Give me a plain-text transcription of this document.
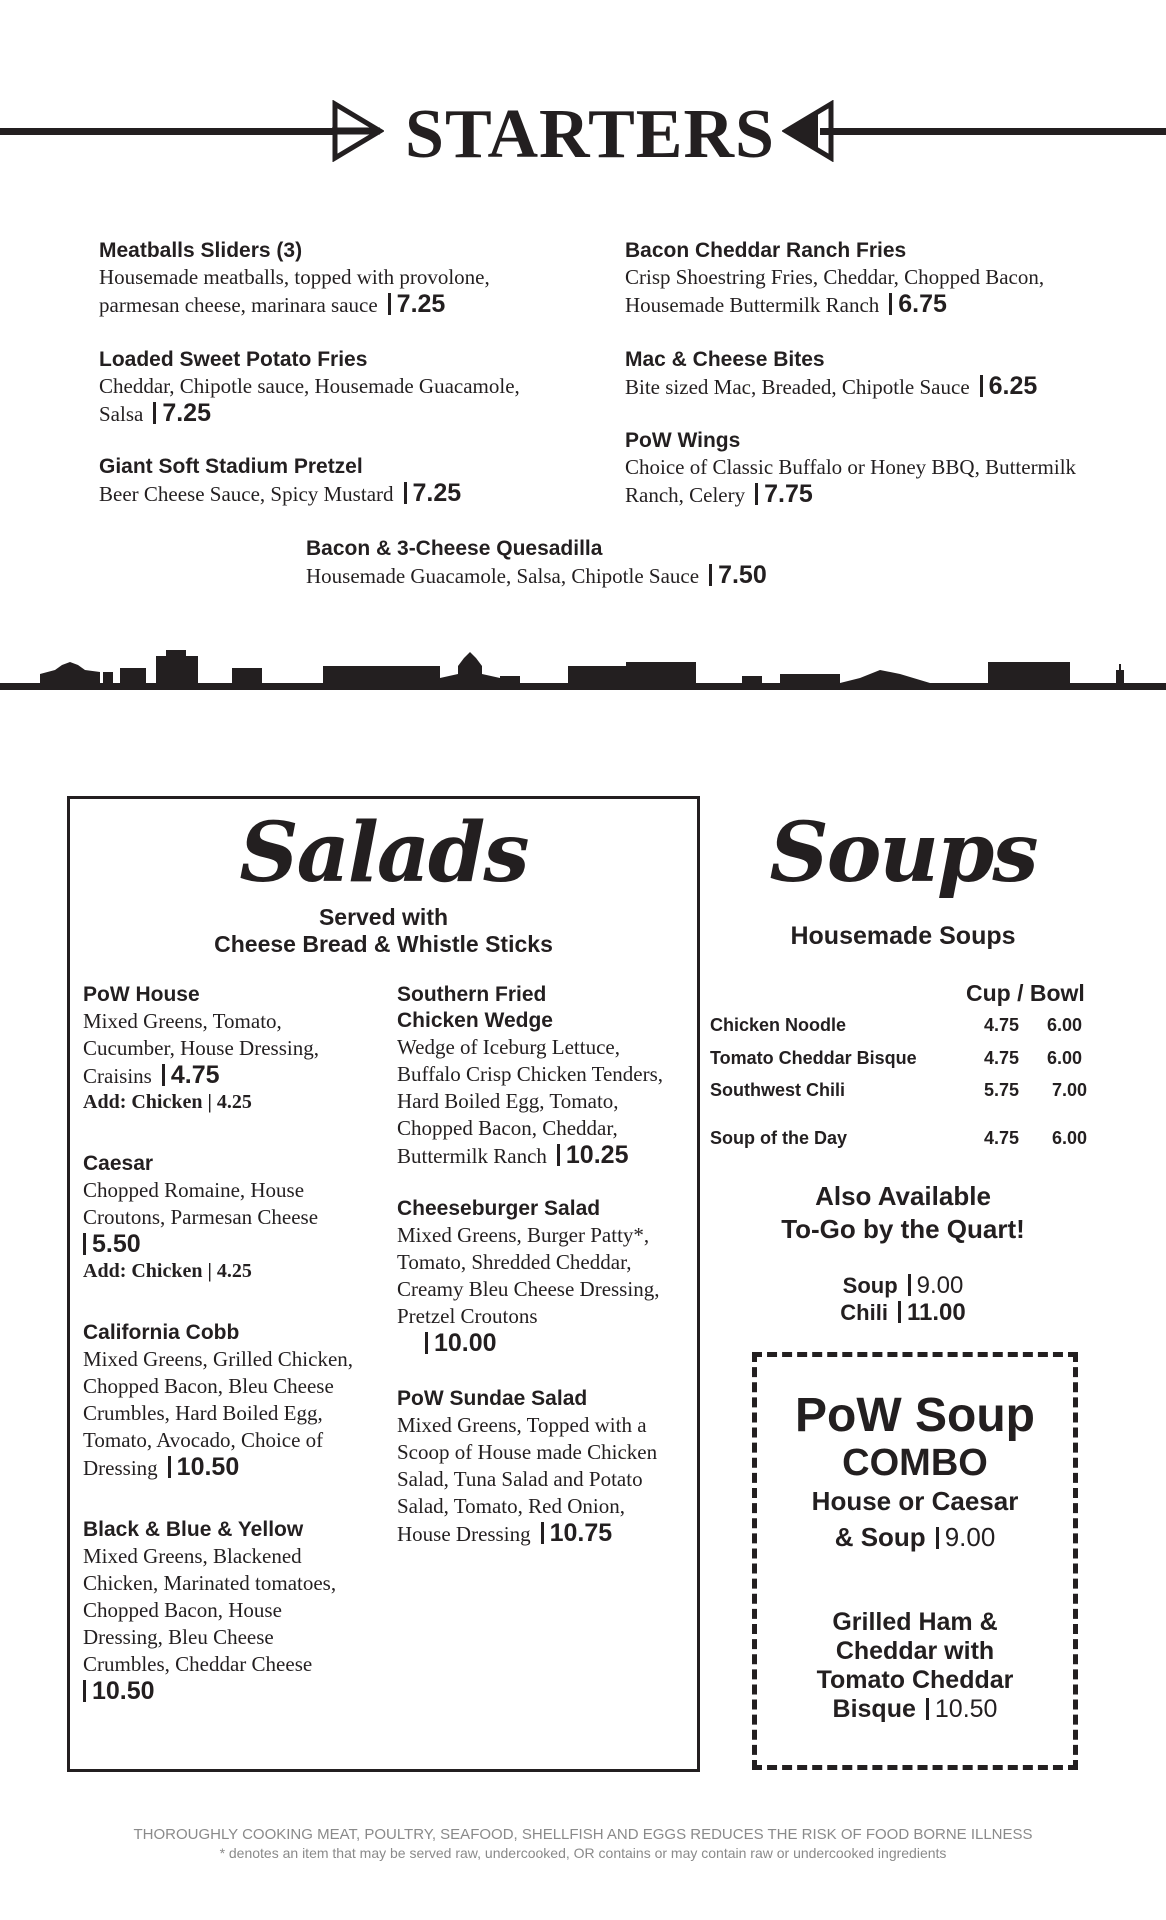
STARTERS
Meatballs Sliders (3)
Housemade meatballs, topped with provolone,
parmesan cheese, marinara sauce 7.25
Loaded Sweet Potato Fries
Cheddar, Chipotle sauce, Housemade Guacamole,
Salsa 7.25
Giant Soft Stadium Pretzel
Beer Cheese Sauce, Spicy Mustard 7.25
Bacon Cheddar Ranch Fries
Crisp Shoestring Fries, Cheddar, Chopped Bacon,
Housemade Buttermilk Ranch 6.75
Mac & Cheese Bites
Bite sized Mac, Breaded, Chipotle Sauce 6.25
PoW Wings
Choice of Classic Buffalo or Honey BBQ, Buttermilk
Ranch, Celery 7.75
Bacon & 3-Cheese Quesadilla
Housemade Guacamole, Salsa, Chipotle Sauce 7.50
Salads
Served with
Cheese Bread & Whistle Sticks
PoW House
Mixed Greens, Tomato,
Cucumber, House Dressing,
Craisins 4.75
Add: Chicken | 4.25
Caesar
Chopped Romaine, House
Croutons, Parmesan Cheese
5.50
Add: Chicken | 4.25
California Cobb
Mixed Greens, Grilled Chicken,
Chopped Bacon, Bleu Cheese
Crumbles, Hard Boiled Egg,
Tomato, Avocado, Choice of
Dressing 10.50
Black & Blue & Yellow
Mixed Greens, Blackened
Chicken, Marinated tomatoes,
Chopped Bacon, House
Dressing, Bleu Cheese
Crumbles, Cheddar Cheese
10.50
Southern Fried
Chicken Wedge
Wedge of Iceburg Lettuce,
Buffalo Crisp Chicken Tenders,
Hard Boiled Egg, Tomato,
Chopped Bacon, Cheddar,
Buttermilk Ranch 10.25
Cheeseburger Salad
Mixed Greens, Burger Patty*,
Tomato, Shredded Cheddar,
Creamy Bleu Cheese Dressing,
Pretzel Croutons
10.00
PoW Sundae Salad
Mixed Greens, Topped with a
Scoop of House made Chicken
Salad, Tuna Salad and Potato
Salad, Tomato, Red Onion,
House Dressing 10.75
Soups
Housemade Soups
Cup / Bowl
Chicken Noodle	4.75 6.00
Tomato Cheddar Bisque	4.75 6.00
Southwest Chili	5.75 7.00
Soup of the Day	4.75 6.00
Also Available
To-Go by the Quart!
Soup 9.00
Chili 11.00
PoW Soup
COMBO
House or Caesar
& Soup 9.00
Grilled Ham &
Cheddar with
Tomato Cheddar
Bisque 10.50
THOROUGHLY COOKING MEAT, POULTRY, SEAFOOD, SHELLFISH AND EGGS REDUCES THE RISK OF FOOD BORNE ILLNESS
* denotes an item that may be served raw, undercooked, OR contains or may contain raw or undercooked ingredients
